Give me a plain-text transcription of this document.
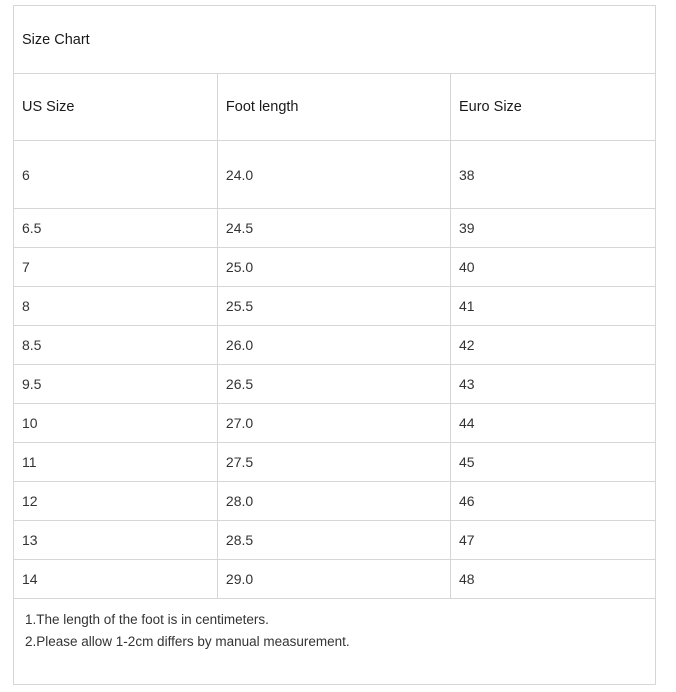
Size Chart		
US Size	Foot length	Euro Size
6	24.0	38
6.5	24.5	39
7	25.0	40
8	25.5	41
8.5	26.0	42
9.5	26.5	43
10	27.0	44
11	27.5	45
12	28.0	46
13	28.5	47
14	29.0	48

1.The length of the foot is in centimeters.
2.Please allow 1-2cm differs by manual measurement.		
